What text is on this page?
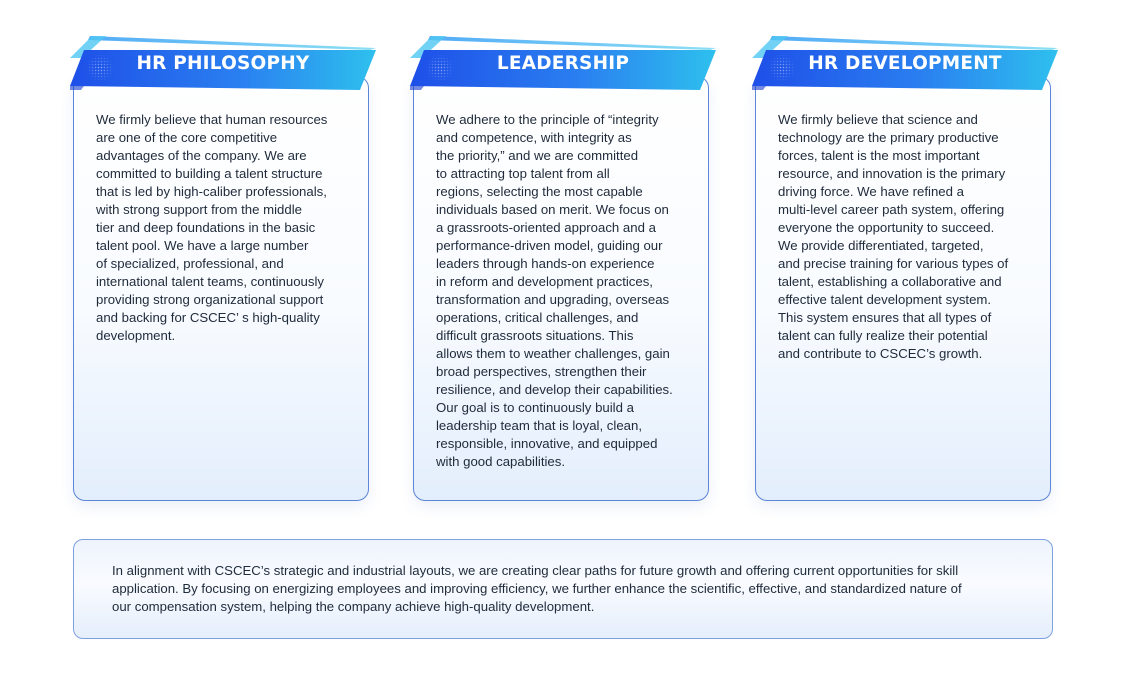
We firmly believe that human resources
are one of the core competitive
advantages of the company. We are
committed to building a talent structure
that is led by high-caliber professionals,
with strong support from the middle
tier and deep foundations in the basic
talent pool. We have a large number
of specialized, professional, and
international talent teams, continuously
providing strong organizational support
and backing for CSCEC’ s high-quality
development.

HR PHILOSOPHY

We adhere to the principle of “integrity
and competence, with integrity as
the priority,” and we are committed
to attracting top talent from all
regions, selecting the most capable
individuals based on merit. We focus on
a grassroots-oriented approach and a
performance-driven model, guiding our
leaders through hands-on experience
in reform and development practices,
transformation and upgrading, overseas
operations, critical challenges, and
difficult grassroots situations. This
allows them to weather challenges, gain
broad perspectives, strengthen their
resilience, and develop their capabilities.
Our goal is to continuously build a
leadership team that is loyal, clean,
responsible, innovative, and equipped
with good capabilities.

LEADERSHIP

We firmly believe that science and
technology are the primary productive
forces, talent is the most important
resource, and innovation is the primary
driving force. We have refined a
multi-level career path system, offering
everyone the opportunity to succeed.
We provide differentiated, targeted,
and precise training for various types of
talent, establishing a collaborative and
effective talent development system.
This system ensures that all types of
talent can fully realize their potential
and contribute to CSCEC’s growth.

HR DEVELOPMENT

In alignment with CSCEC’s strategic and industrial layouts, we are creating clear paths for future growth and offering current opportunities for skill
application. By focusing on energizing employees and improving efficiency, we further enhance the scientific, effective, and standardized nature of
our compensation system, helping the company achieve high-quality development.
